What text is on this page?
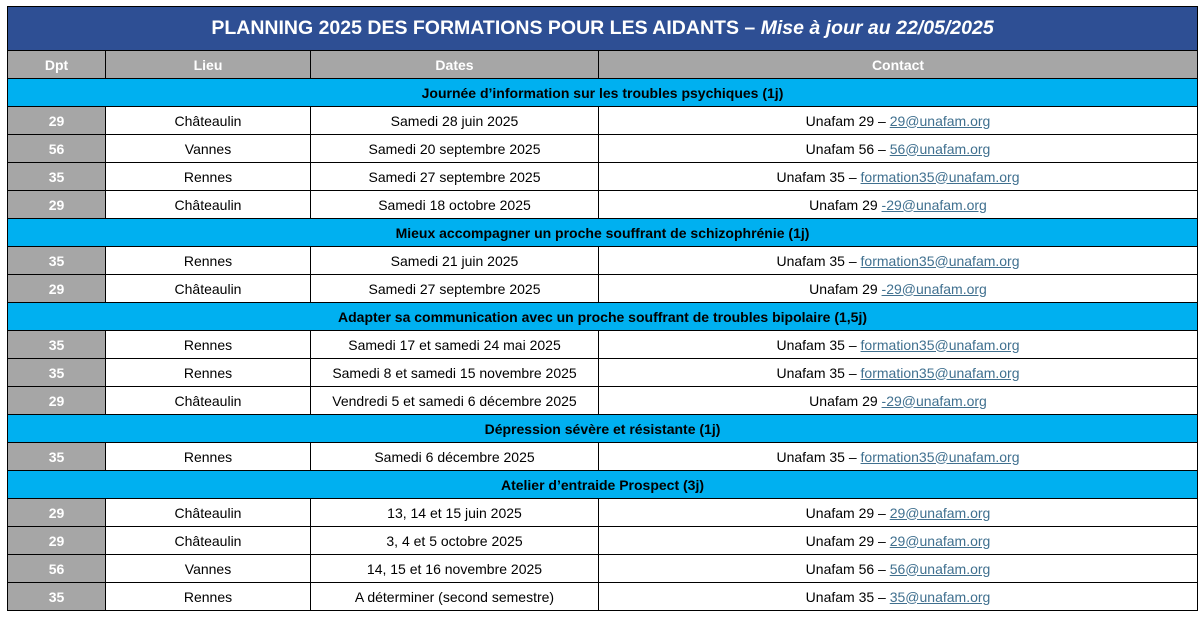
PLANNING 2025 DES FORMATIONS POUR LES AIDANTS – Mise à jour au 22/05/2025			
Dpt	Lieu	Dates	Contact
Journée d’information sur les troubles psychiques (1j)			
29	Châteaulin	Samedi 28 juin 2025	Unafam 29 – 29@unafam.org
56	Vannes	Samedi 20 septembre 2025	Unafam 56 – 56@unafam.org
35	Rennes	Samedi 27 septembre 2025	Unafam 35 – formation35@unafam.org
29	Châteaulin	Samedi 18 octobre 2025	Unafam 29 -29@unafam.org
Mieux accompagner un proche souffrant de schizophrénie (1j)			
35	Rennes	Samedi 21 juin 2025	Unafam 35 – formation35@unafam.org
29	Châteaulin	Samedi 27 septembre 2025	Unafam 29 -29@unafam.org
Adapter sa communication avec un proche souffrant de troubles bipolaire (1,5j)			
35	Rennes	Samedi 17 et samedi 24 mai 2025	Unafam 35 – formation35@unafam.org
35	Rennes	Samedi 8 et samedi 15 novembre 2025	Unafam 35 – formation35@unafam.org
29	Châteaulin	Vendredi 5 et samedi 6 décembre 2025	Unafam 29 -29@unafam.org
Dépression sévère et résistante (1j)			
35	Rennes	Samedi 6 décembre 2025	Unafam 35 – formation35@unafam.org
Atelier d’entraide Prospect (3j)			
29	Châteaulin	13, 14 et 15 juin 2025	Unafam 29 – 29@unafam.org
29	Châteaulin	3, 4 et 5 octobre 2025	Unafam 29 – 29@unafam.org
56	Vannes	14, 15 et 16 novembre 2025	Unafam 56 – 56@unafam.org
35	Rennes	A déterminer (second semestre)	Unafam 35 – 35@unafam.org
